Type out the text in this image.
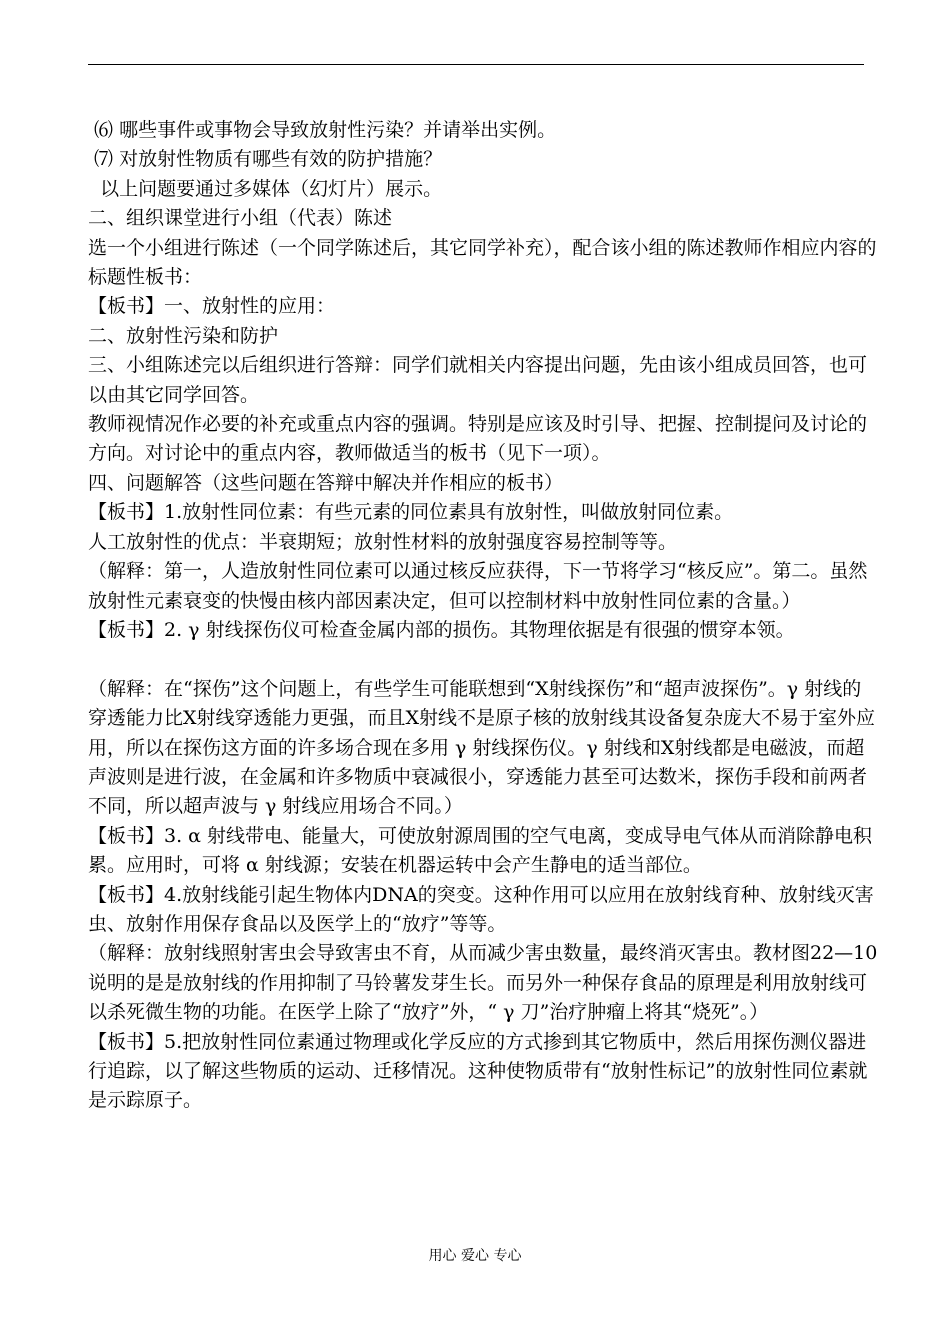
⑹ 哪些事件或事物会导致放射性污染？并请举出实例。

⑺ 对放射性物质有哪些有效的防护措施？

以上问题要通过多媒体（幻灯片）展示。

二、组织课堂进行小组（代表）陈述

选一个小组进行陈述（一个同学陈述后，其它同学补充），配合该小组的陈述教师作相应内容的标题性板书：

【板书】一、放射性的应用：

二、放射性污染和防护

三、小组陈述完以后组织进行答辩：同学们就相关内容提出问题，先由该小组成员回答，也可以由其它同学回答。

教师视情况作必要的补充或重点内容的强调。特别是应该及时引导、把握、控制提问及讨论的方向。对讨论中的重点内容，教师做适当的板书（见下一项）。

四、问题解答（这些问题在答辩中解决并作相应的板书）

【板书】1.放射性同位素：有些元素的同位素具有放射性，叫做放射同位素。

人工放射性的优点：半衰期短；放射性材料的放射强度容易控制等等。

（解释：第一，人造放射性同位素可以通过核反应获得，下一节将学习“核反应”。第二。虽然放射性元素衰变的快慢由核内部因素决定，但可以控制材料中放射性同位素的含量。）

【板书】2. γ 射线探伤仪可检查金属内部的损伤。其物理依据是有很强的惯穿本领。

（解释：在“探伤”这个问题上，有些学生可能联想到“X射线探伤”和“超声波探伤”。γ 射线的穿透能力比X射线穿透能力更强，而且X射线不是原子核的放射线其设备复杂庞大不易于室外应用，所以在探伤这方面的许多场合现在多用 γ 射线探伤仪。γ 射线和X射线都是电磁波，而超声波则是进行波，在金属和许多物质中衰减很小，穿透能力甚至可达数米，探伤手段和前两者不同，所以超声波与 γ 射线应用场合不同。）

【板书】3. α 射线带电、能量大，可使放射源周围的空气电离，变成导电气体从而消除静电积累。应用时，可将 α 射线源；安装在机器运转中会产生静电的适当部位。

【板书】4.放射线能引起生物体内DNA的突变。这种作用可以应用在放射线育种、放射线灭害虫、放射作用保存食品以及医学上的“放疗”等等。

（解释：放射线照射害虫会导致害虫不育，从而减少害虫数量，最终消灭害虫。教材图22—10说明的是是放射线的作用抑制了马铃薯发芽生长。而另外一种保存食品的原理是利用放射线可以杀死微生物的功能。在医学上除了“放疗”外，“ γ 刀”治疗肿瘤上将其“烧死”。）

【板书】5.把放射性同位素通过物理或化学反应的方式掺到其它物质中，然后用探伤测仪器进行追踪，以了解这些物质的运动、迁移情况。这种使物质带有“放射性标记”的放射性同位素就是示踪原子。

用心 爱心 专心
